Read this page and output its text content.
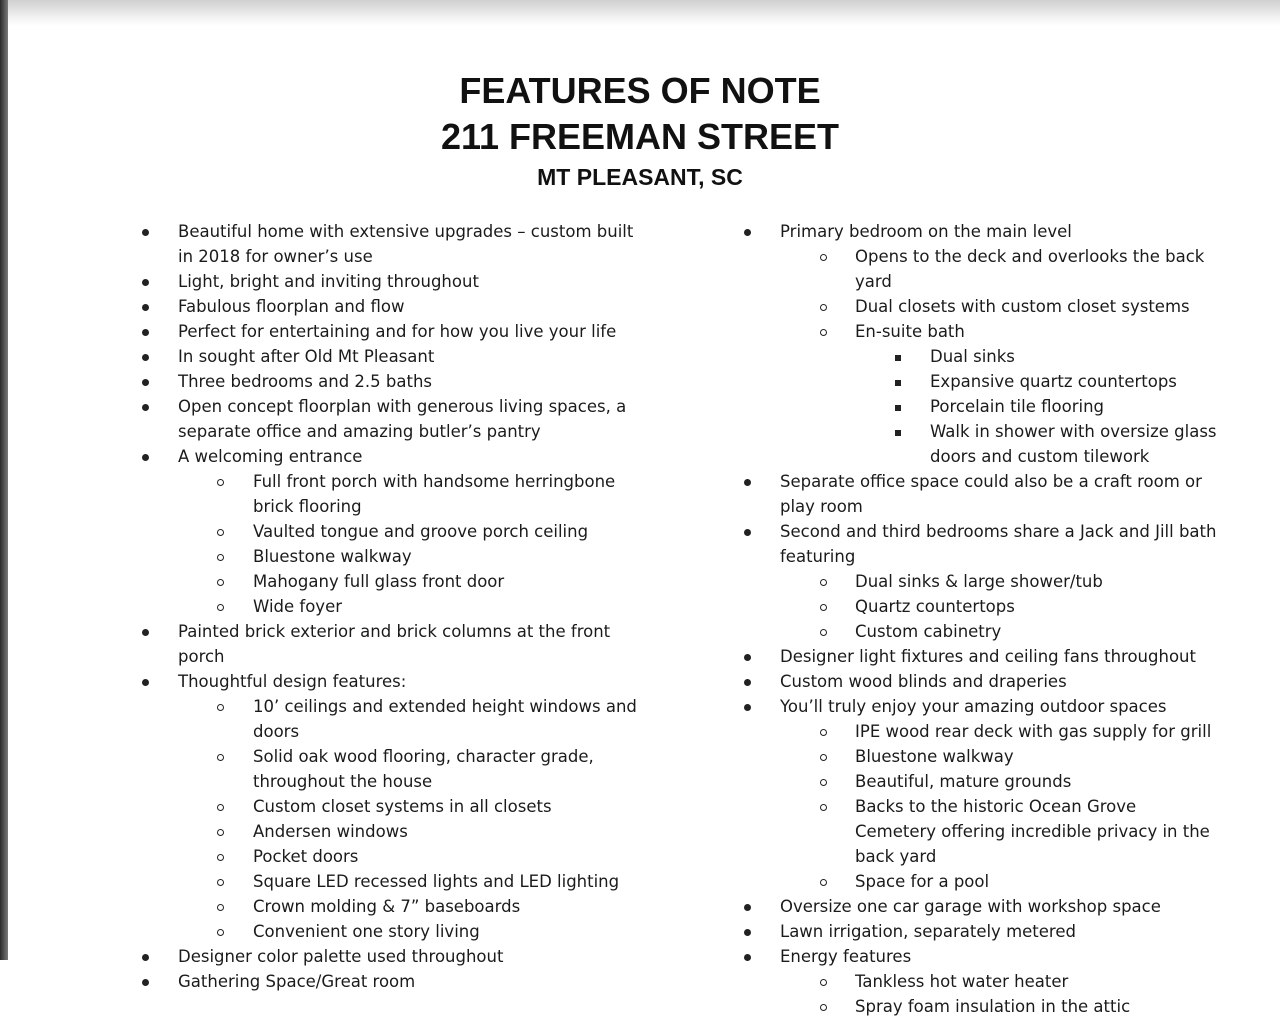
FEATURES OF NOTE
211 FREEMAN STREET
MT PLEASANT, SC
Beautiful home with extensive upgrades – custom built in 2018 for owner’s use
Light, bright and inviting throughout
Fabulous floorplan and flow
Perfect for entertaining and for how you live your life
In sought after Old Mt Pleasant
Three bedrooms and 2.5 baths
Open concept floorplan with generous living spaces, a separate office and amazing butler’s pantry
A welcoming entrance
Full front porch with handsome herringbone brick flooring
Vaulted tongue and groove porch ceiling
Bluestone walkway
Mahogany full glass front door
Wide foyer
Painted brick exterior and brick columns at the front porch
Thoughtful design features:
10’ ceilings and extended height windows and doors
Solid oak wood flooring, character grade, throughout the house
Custom closet systems in all closets
Andersen windows
Pocket doors
Square LED recessed lights and LED lighting
Crown molding & 7” baseboards
Convenient one story living
Designer color palette used throughout
Gathering Space/Great room
Primary bedroom on the main level
Opens to the deck and overlooks the back yard
Dual closets with custom closet systems
En-suite bath
Dual sinks
Expansive quartz countertops
Porcelain tile flooring
Walk in shower with oversize glass doors and custom tilework
Separate office space could also be a craft room or play room
Second and third bedrooms share a Jack and Jill bath featuring
Dual sinks & large shower/tub
Quartz countertops
Custom cabinetry
Designer light fixtures and ceiling fans throughout
Custom wood blinds and draperies
You’ll truly enjoy your amazing outdoor spaces
IPE wood rear deck with gas supply for grill
Bluestone walkway
Beautiful, mature grounds
Backs to the historic Ocean Grove Cemetery offering incredible privacy in the back yard
Space for a pool
Oversize one car garage with workshop space
Lawn irrigation, separately metered
Energy features
Tankless hot water heater
Spray foam insulation in the attic
